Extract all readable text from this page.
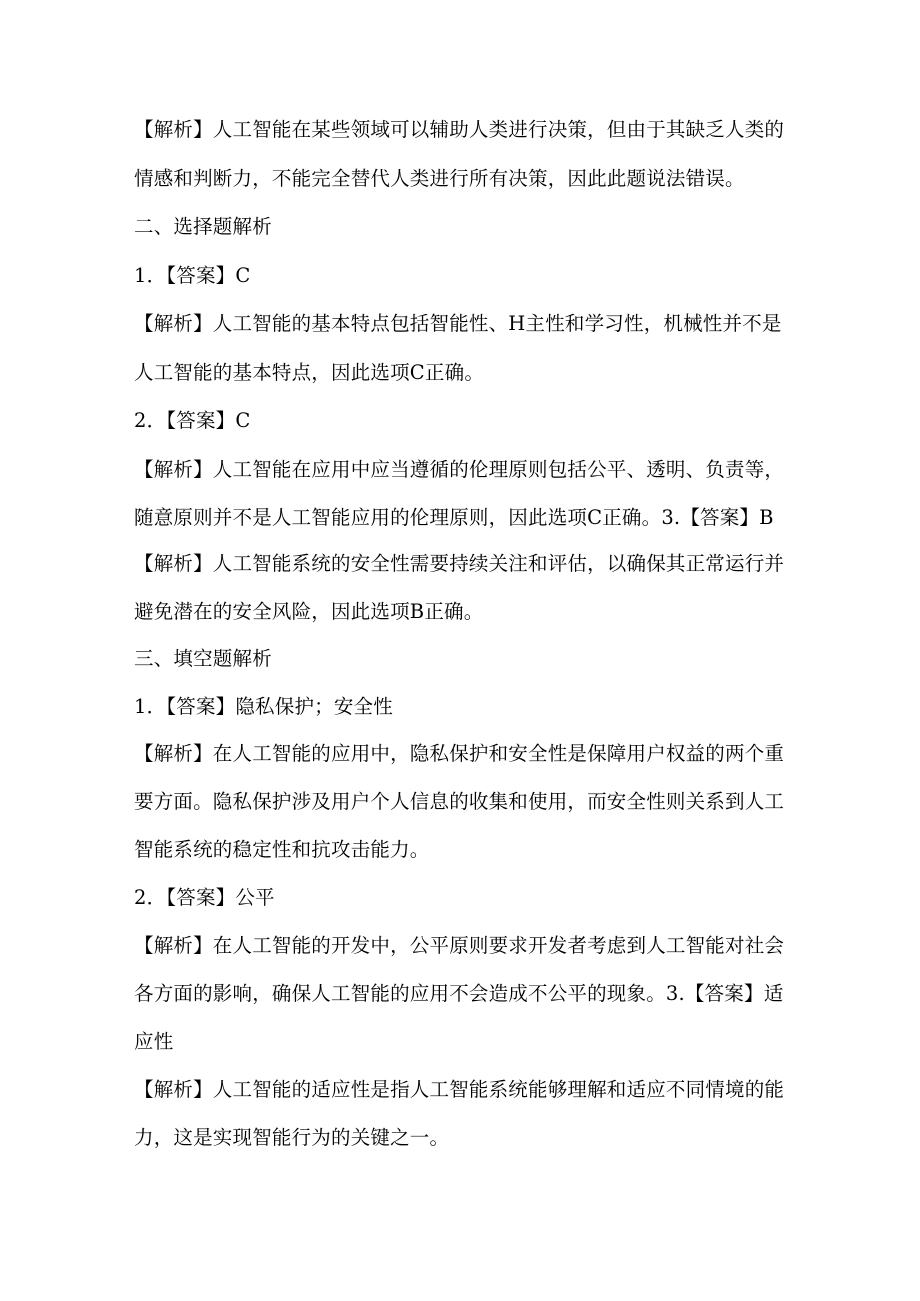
【解析】人工智能在某些领域可以辅助人类进行决策，但由于其缺乏人类的
情感和判断力，不能完全替代人类进行所有决策，因此此题说法错误。
二、选择题解析
1．【答案】C
【解析】人工智能的基本特点包括智能性、H主性和学习性，机械性并不是
人工智能的基本特点，因此选项C正确。
2．【答案】C
【解析】人工智能在应用中应当遵循的伦理原则包括公平、透明、负责等，
随意原则并不是人工智能应用的伦理原则，因此选项C正确。3.【答案】B
【解析】人工智能系统的安全性需要持续关注和评估，以确保其正常运行并
避免潜在的安全风险，因此选项B正确。
三、填空题解析
1．【答案】隐私保护；安全性
【解析】在人工智能的应用中，隐私保护和安全性是保障用户权益的两个重
要方面。隐私保护涉及用户个人信息的收集和使用，而安全性则关系到人工
智能系统的稳定性和抗攻击能力。
2．【答案】公平
【解析】在人工智能的开发中，公平原则要求开发者考虑到人工智能对社会
各方面的影响，确保人工智能的应用不会造成不公平的现象。3.【答案】适
应性
【解析】人工智能的适应性是指人工智能系统能够理解和适应不同情境的能
力，这是实现智能行为的关键之一。
